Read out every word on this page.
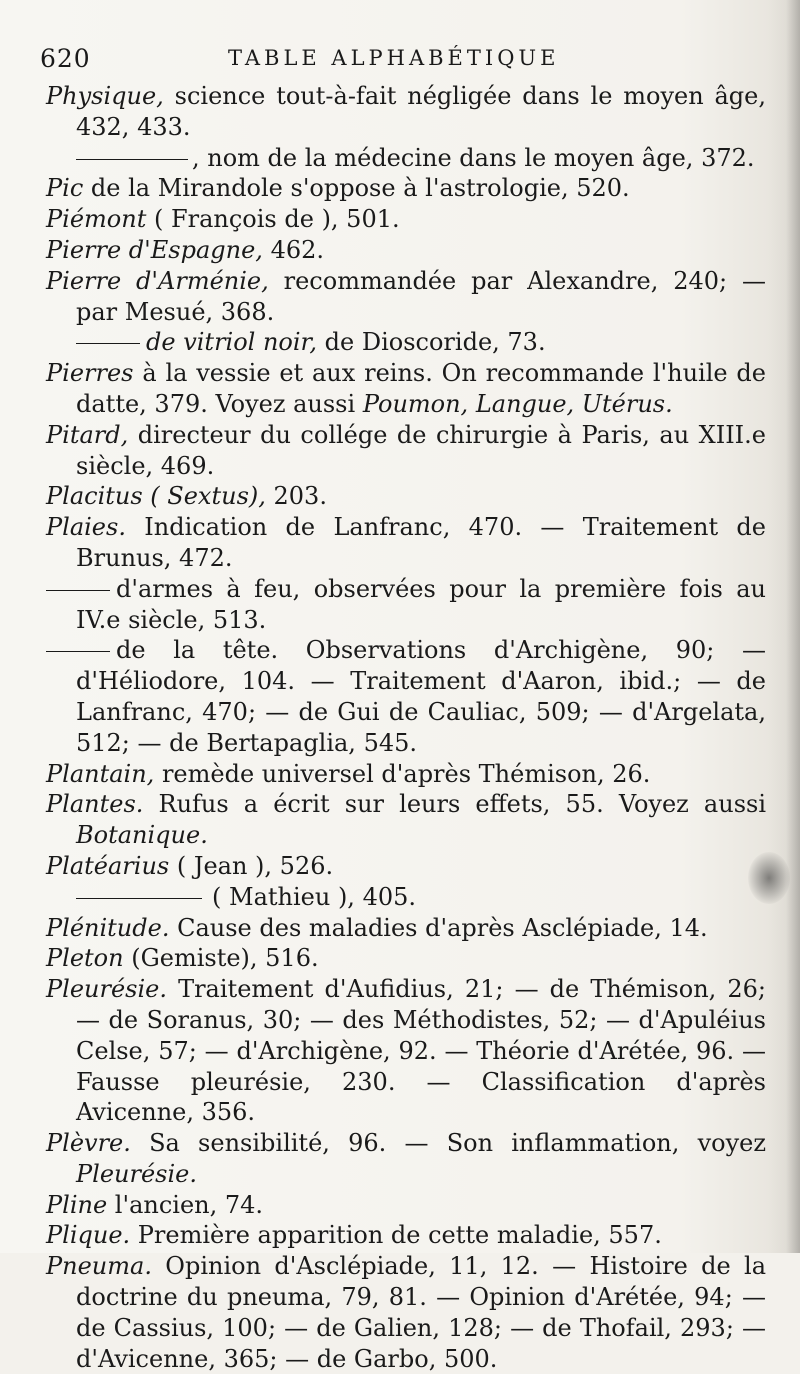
620	TABLE ALPHABÉTIQUE

Physique, science tout-à-fait négligée dans le moyen âge, 432, 433.

, nom de la médecine dans le moyen âge, 372.

Pic de la Mirandole s'oppose à l'astrologie, 520.

Piémont ( François de ), 501.

Pierre d'Espagne, 462.

Pierre d'Arménie, recommandée par Alexandre, 240; — par Mesué, 368.

de vitriol noir, de Dioscoride, 73.

Pierres à la vessie et aux reins. On recommande l'huile de datte, 379. Voyez aussi Poumon, Langue, Utérus.

Pitard, directeur du collége de chirurgie à Paris, au XIII.e siècle, 469.

Placitus ( Sextus), 203.

Plaies. Indication de Lanfranc, 470. — Traitement de Brunus, 472.

d'armes à feu, observées pour la première fois au IV.e siècle, 513.

de la tête. Observations d'Archigène, 90; — d'Héliodore, 104. — Traitement d'Aaron, ibid.; — de Lanfranc, 470; — de Gui de Cauliac, 509; — d'Argelata, 512; — de Bertapaglia, 545.

Plantain, remède universel d'après Thémison, 26.

Plantes. Rufus a écrit sur leurs effets, 55. Voyez aussi Botanique.

Platéarius ( Jean ), 526.

( Mathieu ), 405.

Plénitude. Cause des maladies d'après Asclépiade, 14.

Pleton (Gemiste), 516.

Pleurésie. Traitement d'Aufidius, 21; — de Thémison, 26; — de Soranus, 30; — des Méthodistes, 52; — d'Apuléius Celse, 57; — d'Archigène, 92. — Théorie d'Arétée, 96. — Fausse pleurésie, 230. — Classification d'après Avicenne, 356.

Plèvre. Sa sensibilité, 96. — Son inflammation, voyez Pleurésie.

Pline l'ancien, 74.

Plique. Première apparition de cette maladie, 557.

Pneuma. Opinion d'Asclépiade, 11, 12. — Histoire de la doctrine du pneuma, 79, 81. — Opinion d'Arétée, 94; — de Cassius, 100; — de Galien, 128; — de Thofail, 293; — d'Avicenne, 365; — de Garbo, 500.
